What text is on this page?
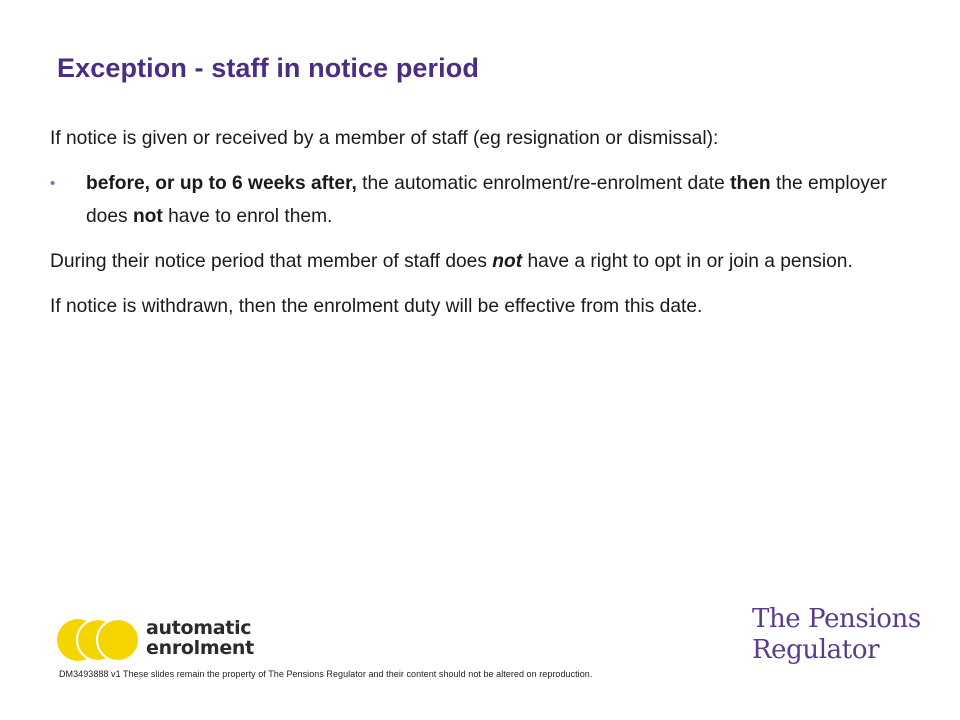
Exception - staff in notice period

If notice is given or received by a member of staff (eg resignation or dismissal):

• before, or up to 6 weeks after, the automatic enrolment/re-enrolment date then the employer does not have to enrol them.

During their notice period that member of staff does not have a right to opt in or join a pension.

If notice is withdrawn, then the enrolment duty will be effective from this date.

automatic
enrolment
The Pensions
Regulator
DM3493888 v1 These slides remain the property of The Pensions Regulator and their content should not be altered on reproduction.
